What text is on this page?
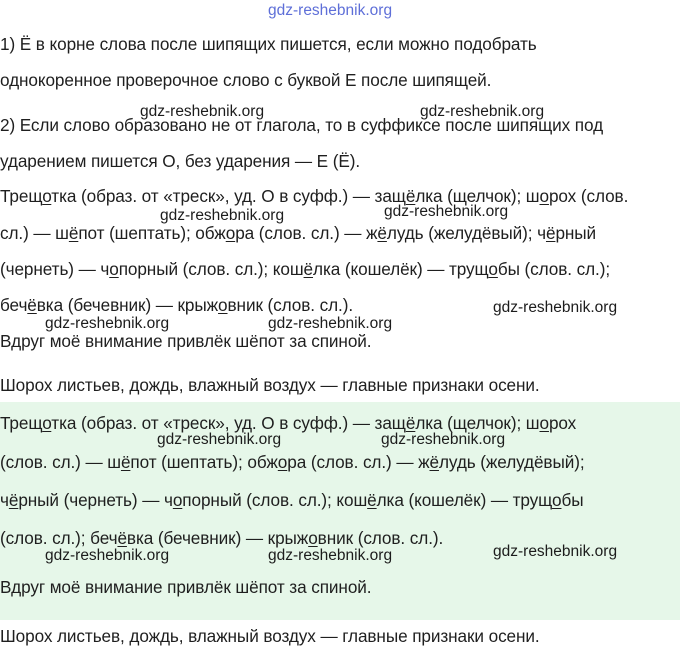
gdz-reshebnik.org
1) Ё в корне слова после шипящих пишется, если можно подобрать
однокоренное проверочное слово с буквой Е после шипящей.
2) Если слово образовано не от глагола, то в суффиксе после шипящих под
ударением пишется О, без ударения — Е (Ё).
Трещотка (образ. от «треск», уд. О в суфф.) — защёлка (щелчок); шорох (слов.
сл.) — шёпот (шептать); обжора (слов. сл.) — жёлудь (желудёвый); чёрный
(чернеть) — чопорный (слов. сл.); кошёлка (кошелёк) — трущобы (слов. сл.);
бечёвка (бечевник) — крыжовник (слов. сл.).
Вдруг моё внимание привлёк шёпот за спиной.
Шорох листьев, дождь, влажный воздух — главные признаки осени.
Трещотка (образ. от «треск», уд. О в суфф.) — защёлка (щелчок); шорох
(слов. сл.) — шёпот (шептать); обжора (слов. сл.) — жёлудь (желудёвый);
чёрный (чернеть) — чопорный (слов. сл.); кошёлка (кошелёк) — трущобы
(слов. сл.); бечёвка (бечевник) — крыжовник (слов. сл.).
Вдруг моё внимание привлёк шёпот за спиной.
Шорох листьев, дождь, влажный воздух — главные признаки осени.
gdz-reshebnik.org	gdz-reshebnik.org
gdz-reshebnik.org	gdz-reshebnik.org
gdz-reshebnik.org
gdz-reshebnik.org	gdz-reshebnik.org
gdz-reshebnik.org	gdz-reshebnik.org
gdz-reshebnik.org
gdz-reshebnik.org	gdz-reshebnik.org
